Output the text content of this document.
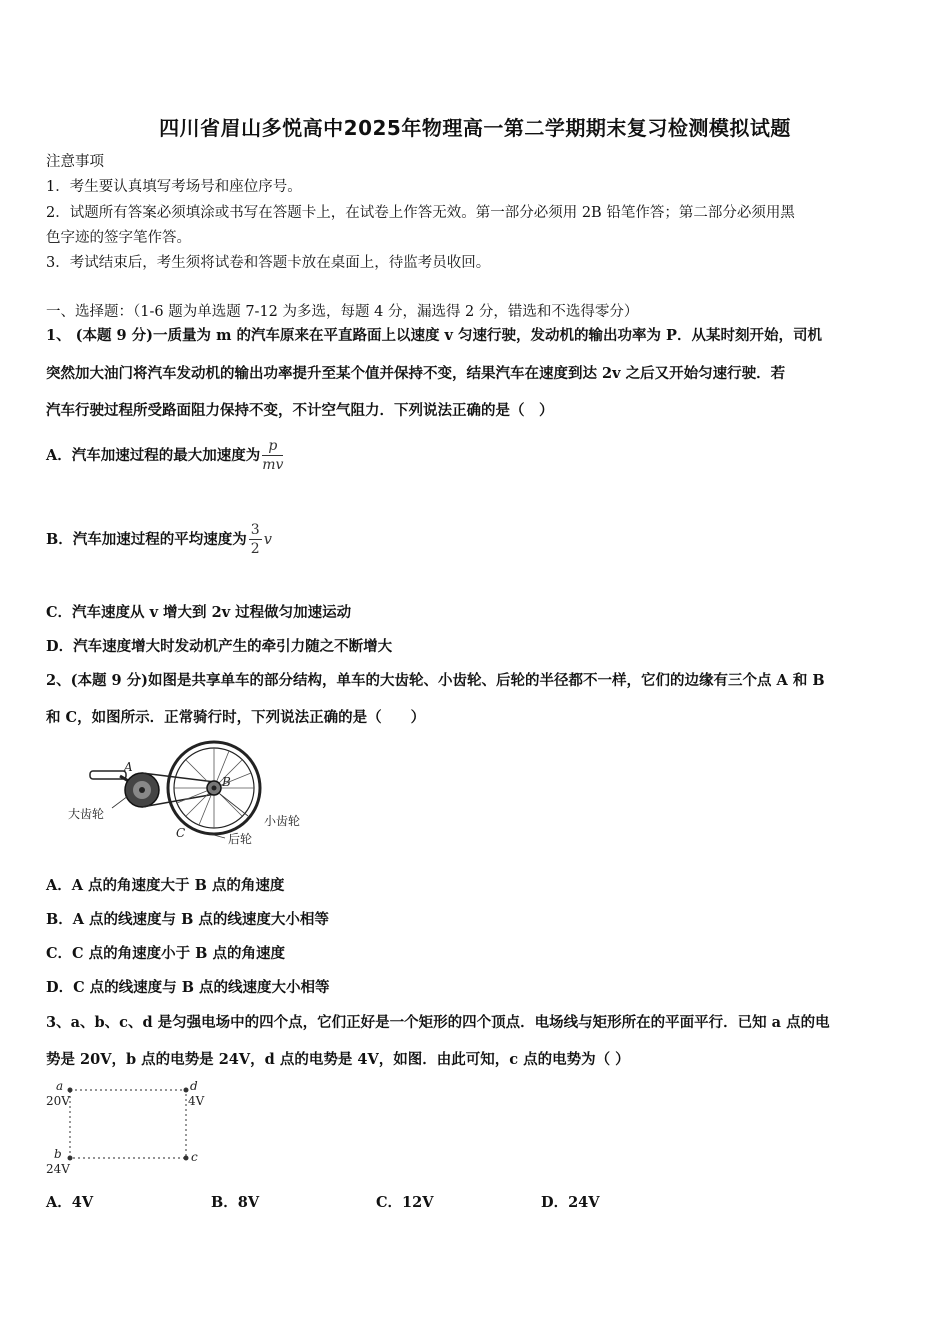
四川省眉山多悦高中2025年物理高一第二学期期末复习检测模拟试题
注意事项
1．考生要认真填写考场号和座位序号。
2．试题所有答案必须填涂或书写在答题卡上，在试卷上作答无效。第一部分必须用 2B 铅笔作答；第二部分必须用黑
色字迹的签字笔作答。
3．考试结束后，考生须将试卷和答题卡放在桌面上，待监考员收回。
一、选择题：（1-6 题为单选题 7-12 为多选，每题 4 分，漏选得 2 分，错选和不选得零分）
1、 (本题 9 分)一质量为 m 的汽车原来在平直路面上以速度 v 匀速行驶，发动机的输出功率为 P．从某时刻开始，司机
突然加大油门将汽车发动机的输出功率提升至某个值并保持不变，结果汽车在速度到达 2v 之后又开始匀速行驶．若
汽车行驶过程所受路面阻力保持不变，不计空气阻力．下列说法正确的是（　）
A．汽车加速过程的最大加速度为 $\frac{p}{mv}$
B．汽车加速过程的平均速度为 $\frac{3}{2}$ v
C．汽车速度从 v 增大到 2v 过程做匀加速运动
D．汽车速度增大时发动机产生的牵引力随之不断增大
2、(本题 9 分)如图是共享单车的部分结构，单车的大齿轮、小齿轮、后轮的半径都不一样，它们的边缘有三个点 A 和 B
和 C，如图所示．正常骑行时，下列说法正确的是（　　）
A
B
C
大齿轮	小齿轮
后轮
A．A 点的角速度大于 B 点的角速度
B．A 点的线速度与 B 点的线速度大小相等
C．C 点的角速度小于 B 点的角速度
D．C 点的线速度与 B 点的线速度大小相等
3、a、b、c、d 是匀强电场中的四个点，它们正好是一个矩形的四个顶点．电场线与矩形所在的平面平行．已知 a 点的电
势是 20V，b 点的电势是 24V，d 点的电势是 4V，如图．由此可知，c 点的电势为（ ）
a
20V
d
4V
b
24V
c
A．4V	B．8V	C．12V	D．24V
